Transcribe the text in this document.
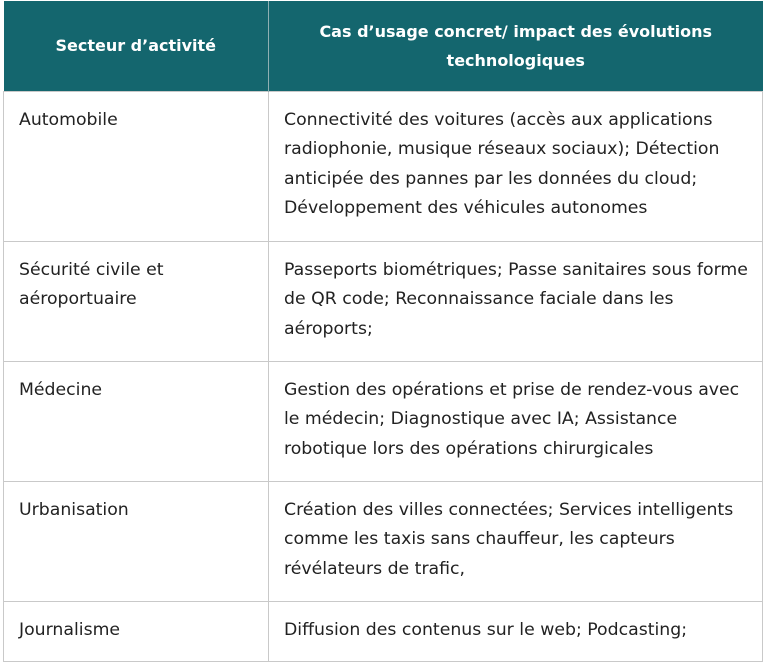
Secteur d’activité	Cas d’usage concret/ impact des évolutions technologiques
Automobile	Connectivité des voitures (accès aux applications radiophonie, musique réseaux sociaux); Détection anticipée des pannes par les données du cloud; Développement des véhicules autonomes
Sécurité civile et aéroportuaire	Passeports biométriques; Passe sanitaires sous forme de QR code; Reconnaissance faciale dans les aéroports;
Médecine	Gestion des opérations et prise de rendez-vous avec le médecin; Diagnostique avec IA; Assistance robotique lors des opérations chirurgicales
Urbanisation	Création des villes connectées; Services intelligents comme les taxis sans chauffeur, les capteurs révélateurs de trafic,
Journalisme	Diffusion des contenus sur le web; Podcasting;
